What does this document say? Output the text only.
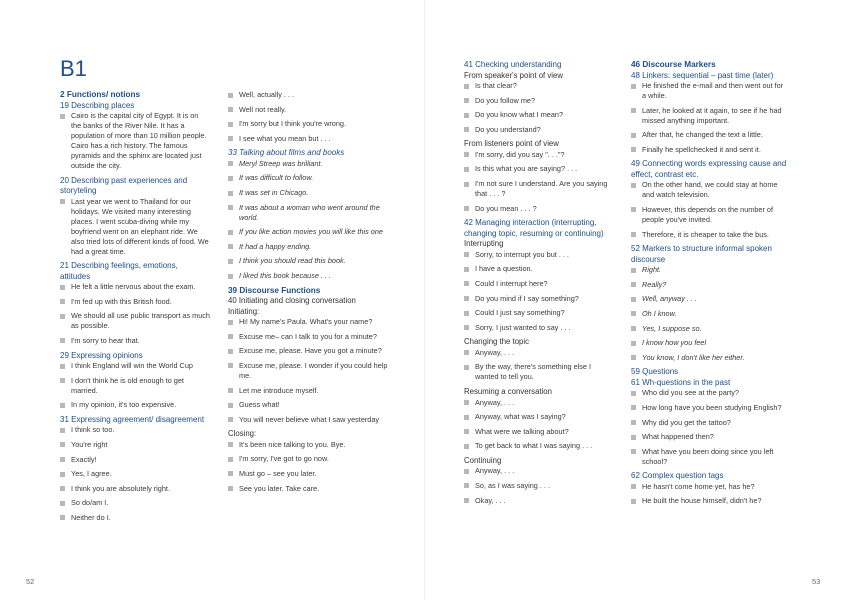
B1
2 Functions/ notions
19 Describing places
Cairo is the capital city of Egypt. It is on the banks of the River Nile. It has a population of more than 10 million people. Cairo has a rich history. The famous pyramids and the sphinx are located just outside the city.
20 Describing past experiences and storyteling
Last year we went to Thailand for our holidays. We visited many interesting places. I went scuba-diving while my boyfriend went on an elephant ride. We also tried lots of different kinds of food. We had a great time.
21 Describing feelings, emotions, attitudes
He felt a little nervous about the exam.
I'm fed up with this British food.
We should all use public transport as much as possible.
I'm sorry to hear that.
29 Expressing opinions
I think England will win the World Cup
I don't think he is old enough to get married.
In my opinion, it's too expensive.
31 Expressing agreement/ disagreement
I think so too.
You're right
Exactly!
Yes, I agree.
I think you are absolutely right.
So do/am I.
Neither do I.
Well, actually . . .
Well not really.
I'm sorry but I think you're wrong.
I see what you mean but . . .
33 Talking about films and books
Meryl Streep was brilliant.
It was difficult to follow.
It was set in Chicago.
It was about a woman who went around the world.
If you like action movies you will like this one
It had a happy ending.
I think you should read this book.
I liked this book because . . .
39 Discourse Functions
40 Initiating and closing conversation
Initiating:
Hi! My name's Paula. What's your name?
Excuse me– can I talk to you for a minute?
Excuse me, please. Have you got a minute?
Excuse me, please. I wonder if you could help me.
Let me introduce myself.
Guess what!
You will never believe what I saw yesterday
Closing:
It's been nice talking to you. Bye.
I'm sorry, I've got to go now.
Must go – see you later.
See you later. Take care.
41 Checking understanding
From speaker's point of view
Is that clear?
Do you follow me?
Do you know what I mean?
Do you understand?
From listeners point of view
I'm sorry, did you say ". . ."?
Is this what you are saying? . . .
I'm not sure I understand. Are you saying that . . . ?
Do you mean . . . ?
42 Managing interaction (interrupting, changing topic, resuming or continuing)
Interrupting
Sorry, to interrupt you but . . .
I have a question.
Could I interrupt here?
Do you mind if I say something?
Could I just say something?
Sorry, I just wanted to say . . .
Changing the topic
Anyway, . . .
By the way, there's something else I wanted to tell you.
Resuming a conversation
Anyway, . . .
Anyway, what was I saying?
What were we talking about?
To get back to what I was saying . . .
Continuing
Anyway, . . .
So, as I was saying . . .
Okay, . . .
46 Discourse Markers
48 Linkers: sequential – past time (later)
He finished the e-mail and then went out for a while.
Later, he looked at it again, to see if he had missed anything important.
After that, he changed the text a little.
Finally he spellchecked it and sent it.
49 Connecting words expressing cause and effect, contrast etc.
On the other hand, we could stay at home and watch television.
However, this depends on the number of people you've invited.
Therefore, it is cheaper to take the bus.
52 Markers to structure informal spoken discourse
Right.
Really?
Well, anyway . . .
Oh I know.
Yes, I suppose so.
I know how you feel
You know, I don't like her either.
59 Questions
61 Wh-questions in the past
Who did you see at the party?
How long have you been studying English?
Why did you get the tattoo?
What happened then?
What have you been doing since you left school?
62 Complex question tags
He hasn't come home yet, has he?
He built the house himself, didn't he?
52	53
